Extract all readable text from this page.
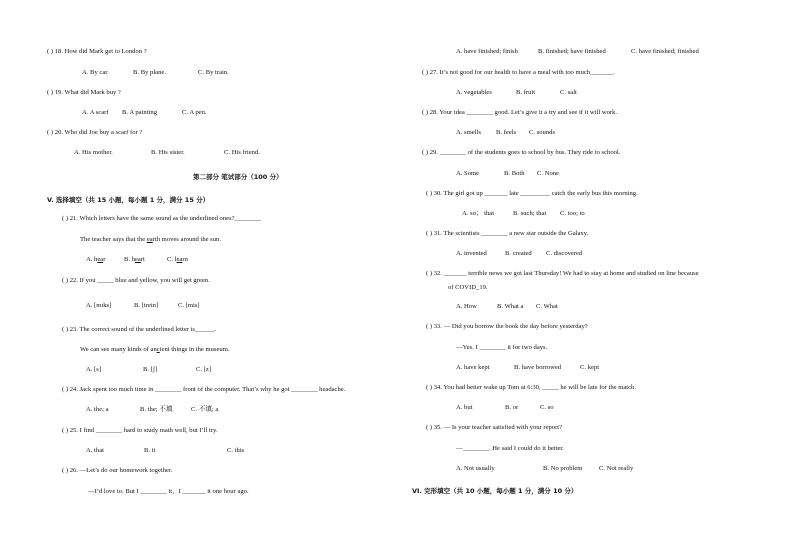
( ) 18. How did Mark get to London ?
A. By car.	B. By plane.	C. By train.
( ) 19. What did Mark buy ?
A. A scarf B. A painting	C. A pen.
( ) 20. Who did Joe buy a scarf for ?
A. His mother.	B. His sister.	C. His friend.
第二部分 笔试部分（100 分）
V. 选择填空（共 15 小题，每小题 1 分，满分 15 分）
( ) 21. Which letters have the same sound as the underlined ones?________
The teacher says that the earth moves around the sun.
A. hear	B. heart	C. learn
( ) 22. If you _____ blue and yellow, you will get green.
A. [mɪks]	B. [trein]	C. [mis]
( ) 23. The correct sound of the underlined letter is______.
We can see many kinds of ancient things in the museum.
A. [s]	B. [ʃ]	C. [z]
( ) 24. Jack spent too much time in ________ front of the computer. That’s why he got ________ headache.
A. the; a	B. the; 不填	C. 不填; a
( ) 25. I find ________ hard to study math well, but I’ll try.
A. that	B. it	C. this
( ) 26. —Let’s do our homework together.
—I’d love to. But I ________ it，I _______ it one hour ago.
A. have finished; finish	B. finished; have finished	C. have finished; finished
( ) 27. It’s not good for our health to have a meal with too much_______.
A. vegetables	B. fruit	C. salt
( ) 28. Your idea ________ good. Let’s give it a try and see if it will work.
A. smells B. feels C. sounds
( ) 29. ________ of the students goes to school by bus. They ride to school.
A. Some	B. Both C. None
( ) 30. The girl got up _______ late _________ catch the early bus this morning.
A. so； that	B. such; that C. too; to
( ) 31. The scientists ________ a new star outside the Galaxy.
A. invented	B. created C. discovered
( ) 32. _______ terrible news we got last Thursday! We had to stay at home and studied on line because
of COVID_19.
A. How	B. What a C. What
( ) 33. — Did you borrow the book the day before yesterday?
—Yes. I ________ it for two days.
A. have kept	B. have borrowed	C. kept
( ) 34. You had better wake up Tom at 6:30, _____ he will be late for the match.
A. but	B. or	C. so
( ) 35. — Is your teacher satisfied with your report?
—________. He said I could do it better.
A. Not usually	B. No problem	C. Not really
VI. 完形填空（共 10 小题，每小题 1 分，满分 10 分）
